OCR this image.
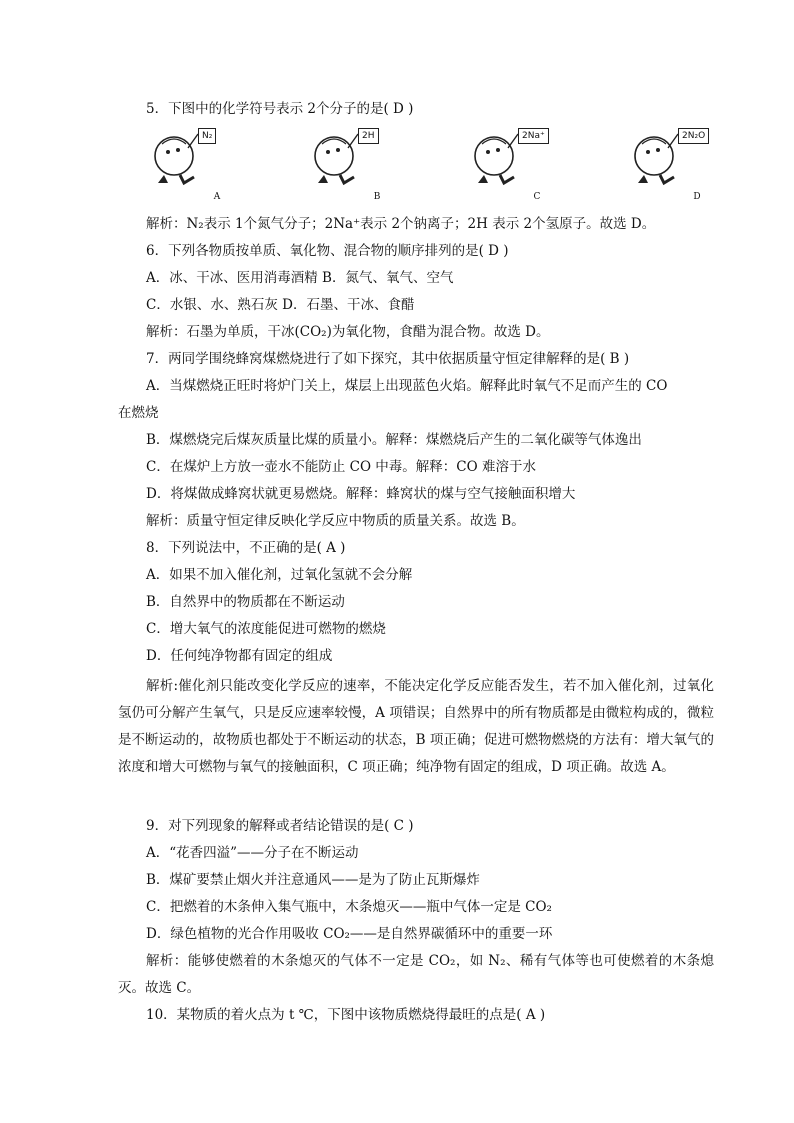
5．下图中的化学符号表示 2个分子的是( D )
N₂
A
2H
B
2Na⁺
C
2N₂O
D
解析：N₂表示 1个氮气分子；2Na⁺表示 2个钠离子；2H 表示 2个氢原子。故选 D。
6．下列各物质按单质、氧化物、混合物的顺序排列的是( D )
A．冰、干冰、医用消毒酒精 B．氮气、氧气、空气
C．水银、水、熟石灰 D．石墨、干冰、食醋
解析：石墨为单质，干冰(CO₂)为氧化物，食醋为混合物。故选 D。
7．两同学围绕蜂窝煤燃烧进行了如下探究，其中依据质量守恒定律解释的是( B )
A．当煤燃烧正旺时将炉门关上，煤层上出现蓝色火焰。解释此时氧气不足而产生的 CO
在燃烧
B．煤燃烧完后煤灰质量比煤的质量小。解释：煤燃烧后产生的二氧化碳等气体逸出
C．在煤炉上方放一壶水不能防止 CO 中毒。解释：CO 难溶于水
D．将煤做成蜂窝状就更易燃烧。解释：蜂窝状的煤与空气接触面积增大
解析：质量守恒定律反映化学反应中物质的质量关系。故选 B。
8．下列说法中，不正确的是( A )
A．如果不加入催化剂，过氧化氢就不会分解
B．自然界中的物质都在不断运动
C．增大氧气的浓度能促进可燃物的燃烧
D．任何纯净物都有固定的组成
解析:催化剂只能改变化学反应的速率，不能决定化学反应能否发生，若不加入催化剂，过氧化氢仍可分解产生氧气，只是反应速率较慢，A 项错误；自然界中的所有物质都是由微粒构成的，微粒是不断运动的，故物质也都处于不断运动的状态，B 项正确；促进可燃物燃烧的方法有：增大氧气的浓度和增大可燃物与氧气的接触面积，C 项正确；纯净物有固定的组成，D 项正确。故选 A。
9．对下列现象的解释或者结论错误的是( C )
A．“花香四溢”——分子在不断运动
B．煤矿要禁止烟火并注意通风——是为了防止瓦斯爆炸
C．把燃着的木条伸入集气瓶中，木条熄灭——瓶中气体一定是 CO₂
D．绿色植物的光合作用吸收 CO₂——是自然界碳循环中的重要一环
解析：能够使燃着的木条熄灭的气体不一定是 CO₂，如 N₂、稀有气体等也可使燃着的木条熄灭。故选 C。
10．某物质的着火点为 t ℃，下图中该物质燃烧得最旺的点是( A )
